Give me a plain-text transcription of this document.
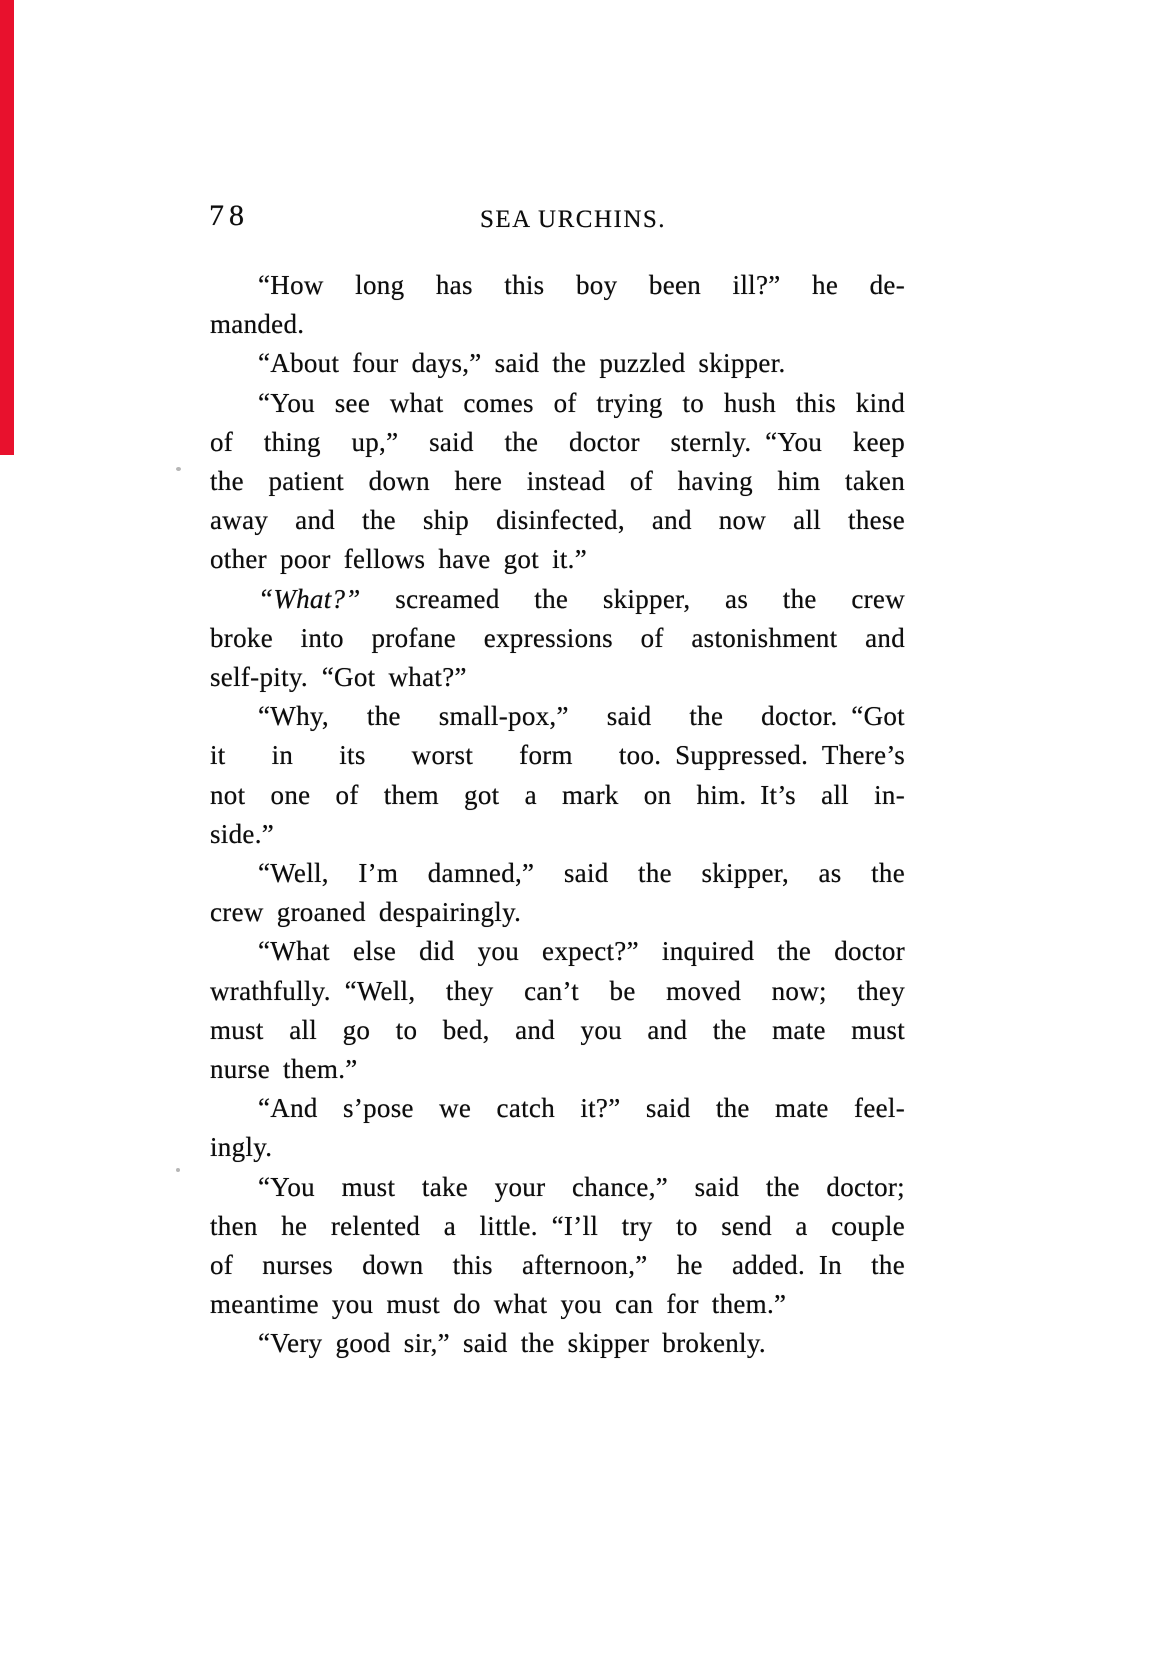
78	SEA URCHINS.
“How long has this boy been ill?” he de-
manded.
“About four days,” said the puzzled skipper.
“You see what comes of trying to hush this kind
of thing up,” said the doctor sternly. “You keep
the patient down here instead of having him taken
away and the ship disinfected, and now all these
other poor fellows have got it.”
“What?” screamed the skipper, as the crew
broke into profane expressions of astonishment and
self-pity. “Got what?”
“Why, the small-pox,” said the doctor. “Got
it in its worst form too. Suppressed. There’s
not one of them got a mark on him. It’s all in-
side.”
“Well, I’m damned,” said the skipper, as the
crew groaned despairingly.
“What else did you expect?” inquired the doctor
wrathfully. “Well, they can’t be moved now; they
must all go to bed, and you and the mate must
nurse them.”
“And s’pose we catch it?” said the mate feel-
ingly.
“You must take your chance,” said the doctor;
then he relented a little. “I’ll try to send a couple
of nurses down this afternoon,” he added. In the
meantime you must do what you can for them.”
“Very good sir,” said the skipper brokenly.
